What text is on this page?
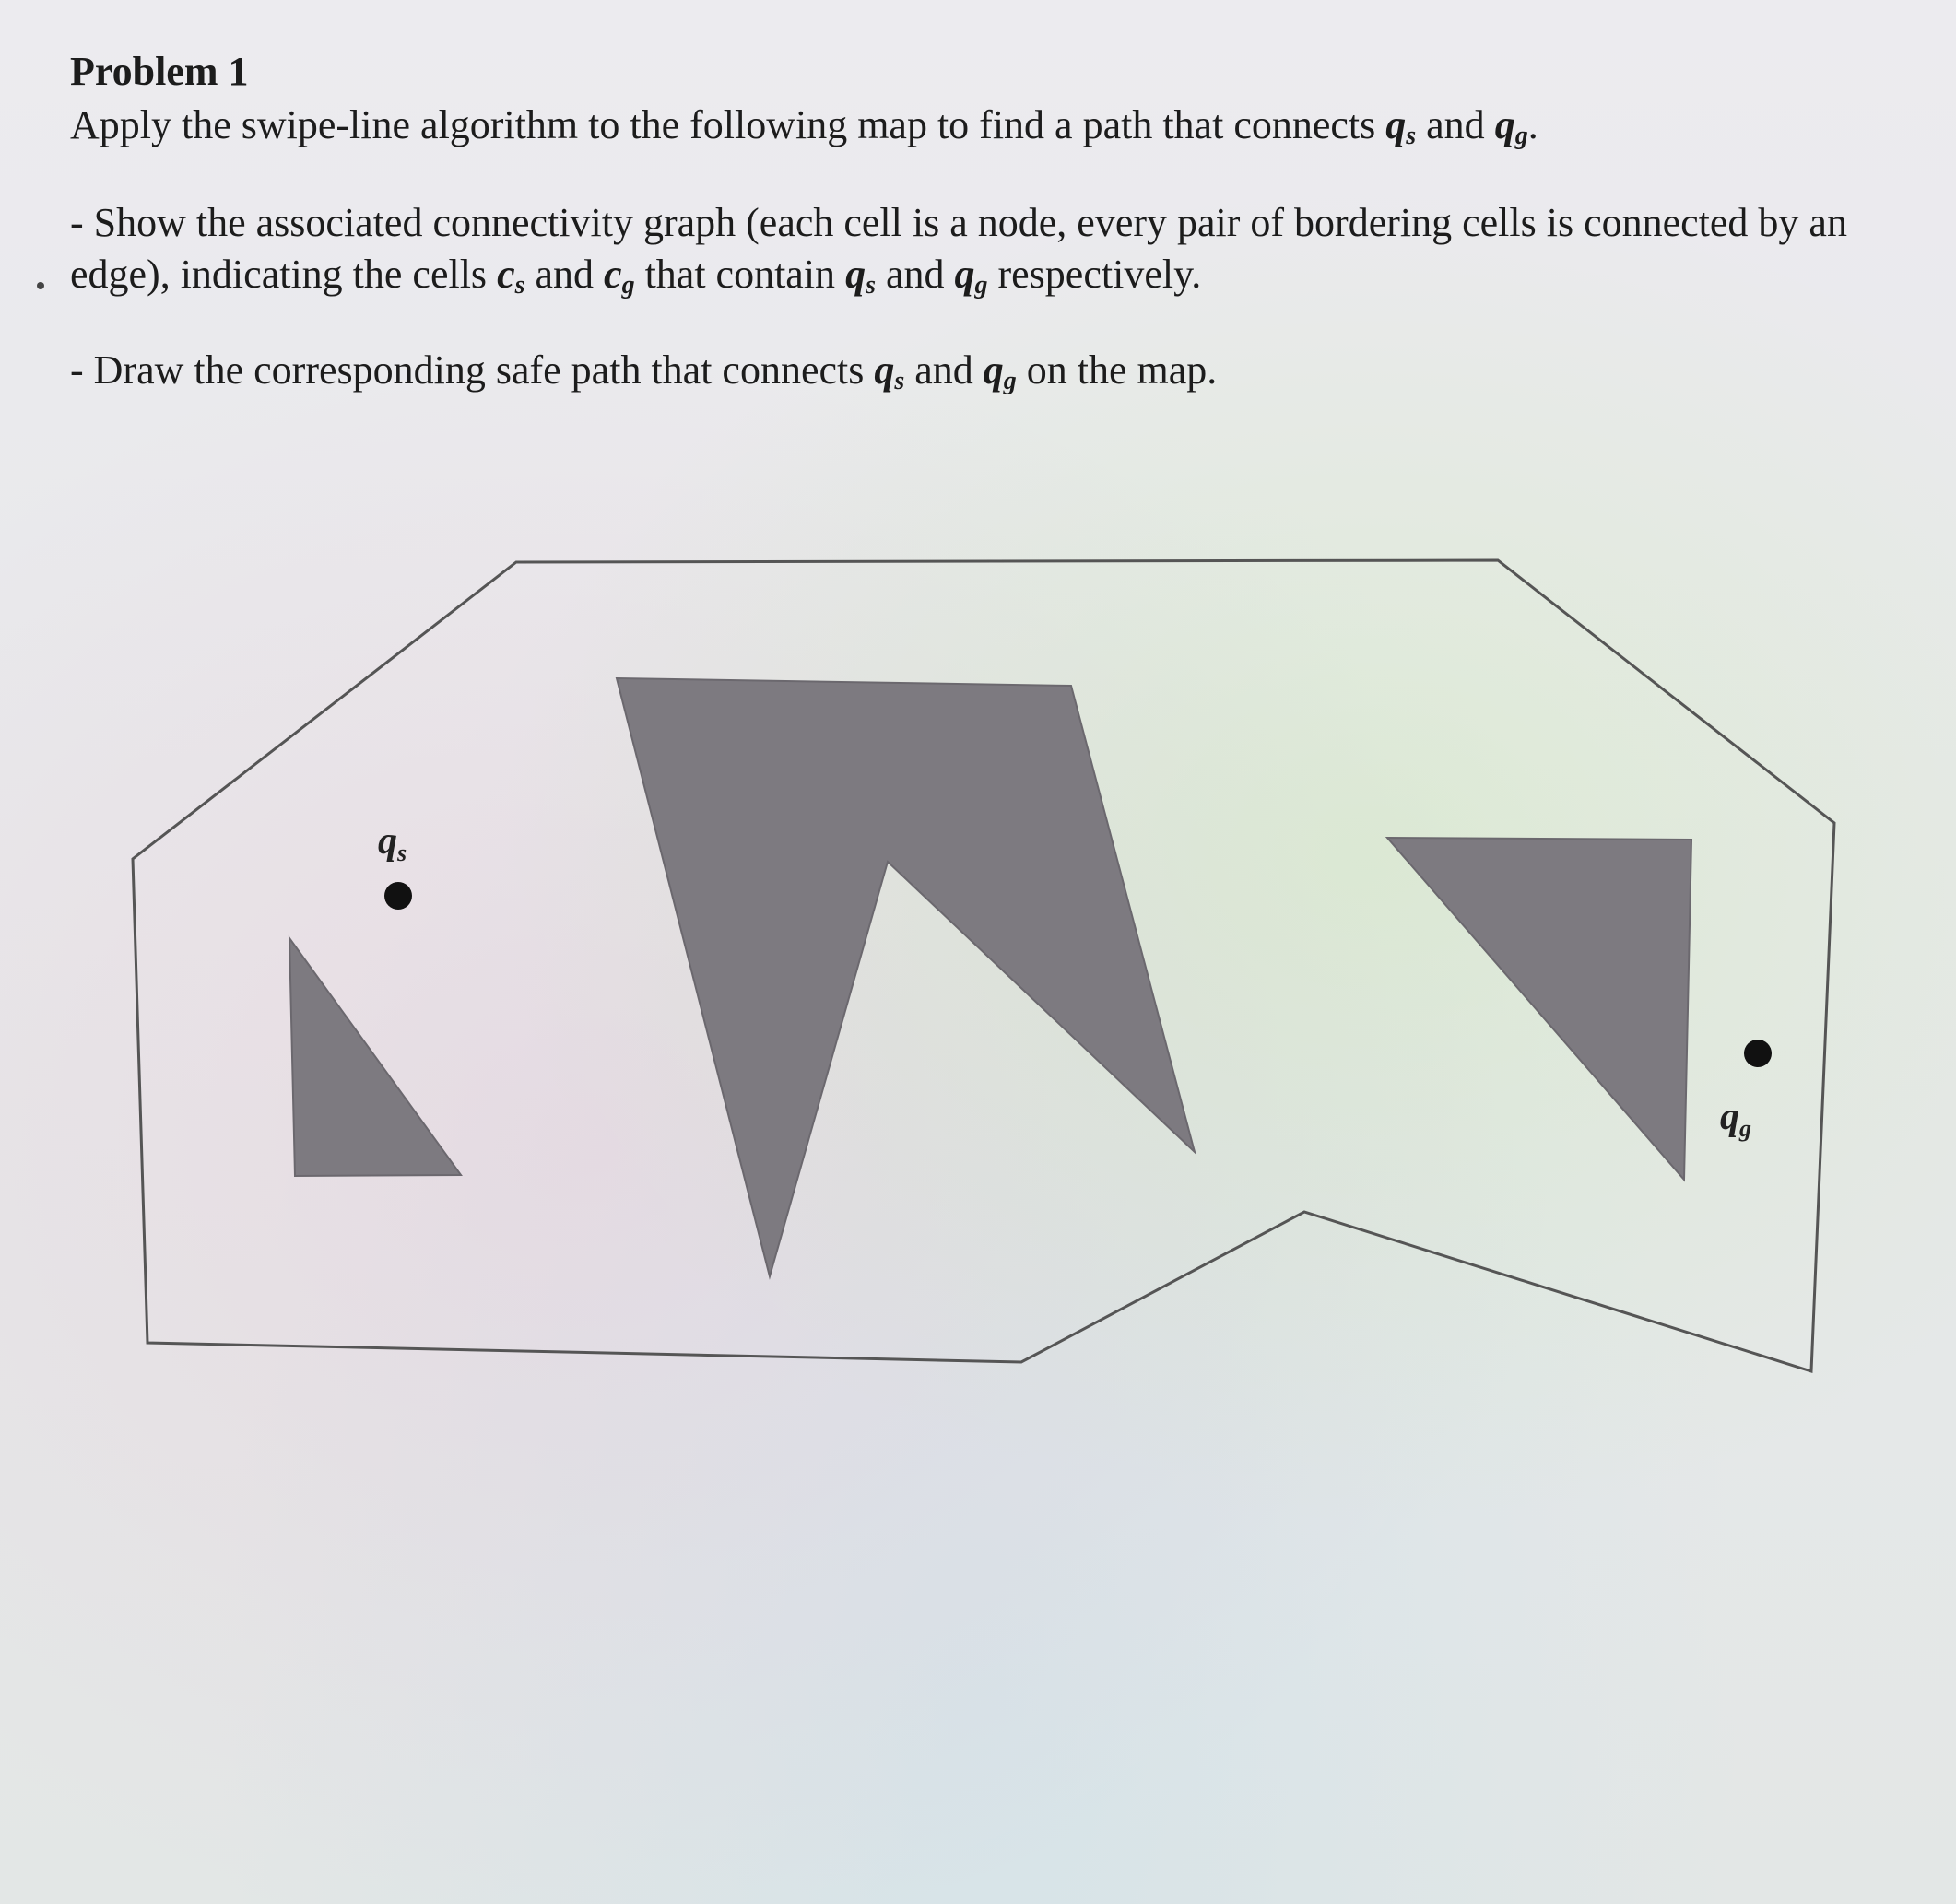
Problem 1

Apply the swipe-line algorithm to the following map to find a path that connects $q_s$ and $q_g$.

- Show the associated connectivity graph (each cell is a node, every pair of bordering cells is connected by an edge), indicating the cells $c_s$ and $c_g$ that contain $q_s$ and $q_g$ respectively.

- Draw the corresponding safe path that connects $q_s$ and $q_g$ on the map.

qs
qg
